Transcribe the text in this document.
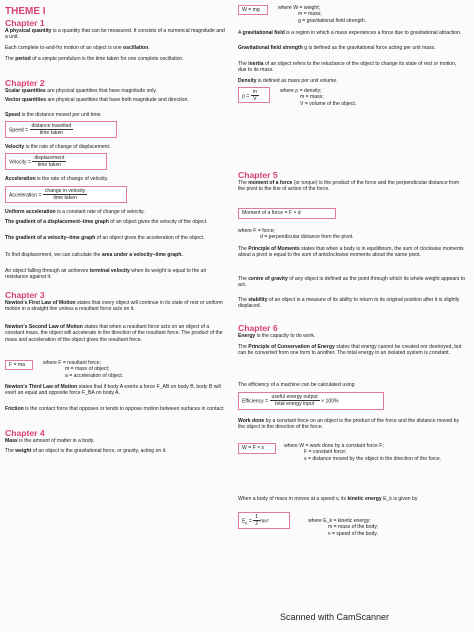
THEME I
Chapter 1

A physical quantity is a quantity that can be measured. It consists of a numerical magnitude and a unit.

Each complete to-and-fro motion of an object is one oscillation.

The period of a simple pendulum is the time taken for one complete oscillation.

Chapter 2

Scalar quantities are physical quantities that have magnitude only.

Vector quantities are physical quantities that have both magnitude and direction.

Speed is the distance moved per unit time.

Speed = $\frac{\text{distance travelled}}{\text{time taken}}$

Velocity is the rate of change of displacement.

Velocity = $\frac{\text{displacement}}{\text{time taken}}$

Acceleration is the rate of change of velocity.

Acceleration = $\frac{\text{change in velocity}}{\text{time taken}}$

Uniform acceleration is a constant rate of change of velocity.

The gradient of a displacement–time graph of an object gives the velocity of the object.

The gradient of a velocity–time graph of an object gives the acceleration of the object.

To find displacement, we can calculate the area under a velocity–time graph.

An object falling through air achieves terminal velocity when its weight is equal to the air resistance against it.

Chapter 3

Newton's First Law of Motion states that every object will continue in its state of rest or uniform motion in a straight line unless a resultant force acts on it.

Newton's Second Law of Motion states that when a resultant force acts on an object of a constant mass, the object will accelerate in the direction of the resultant force. The product of the mass and acceleration of the object gives the resultant force.

F = ma	where F = resultant force;
m = mass of object;
a = acceleration of object.

Newton's Third Law of Motion states that if body A exerts a force F_AB on body B, body B will exert an equal and opposite force F_BA on body A.

Friction is the contact force that opposes or tends to oppose motion between surfaces in contact.

Chapter 4

Mass is the amount of matter in a body.

The weight of an object is the gravitational force, or gravity, acting on it.

W = mg	where W = weight;
m = mass;
g = gravitational field strength.

A gravitational field is a region in which a mass experiences a force due to gravitational attraction.

Gravitational field strength g is defined as the gravitational force acting per unit mass.

The inertia of an object refers to the reluctance of the object to change its state of rest or motion, due to its mass.

Density is defined as mass per unit volume.

$\rho = \frac{m}{V}$	where ρ = density;
m = mass;
V = volume of the object.
Chapter 5

The moment of a force (or torque) is the product of the force and the perpendicular distance from the pivot to the line of action of the force.

Moment of a force = F × d
where F = force;
d = perpendicular distance from the pivot.

The Principle of Moments states that when a body is in equilibrium, the sum of clockwise moments about a pivot is equal to the sum of anticlockwise moments about the same pivot.

The centre of gravity of any object is defined as the point through which its whole weight appears to act.

The stability of an object is a measure of its ability to return to its original position after it is slightly displaced.

Chapter 6

Energy is the capacity to do work.

The Principle of Conservation of Energy states that energy cannot be created nor destroyed, but can be converted from one form to another. The total energy in an isolated system is constant.

The efficiency of a machine can be calculated using

Efficiency = $\frac{\text{useful energy output}}{\text{total energy input}} \times 100\%$

Work done by a constant force on an object is the product of the force and the distance moved by the object in the direction of the force.

W = F × s	where W = work done by a constant force F;
F = constant force;
s = distance moved by the object in the direction of the force.

When a body of mass m moves at a speed v, its kinetic energy E_k is given by

$E_k = \frac{1}{2} mv^2$	where E_k = kinetic energy;
m = mass of the body;
v = speed of the body.
Scanned with CamScanner
